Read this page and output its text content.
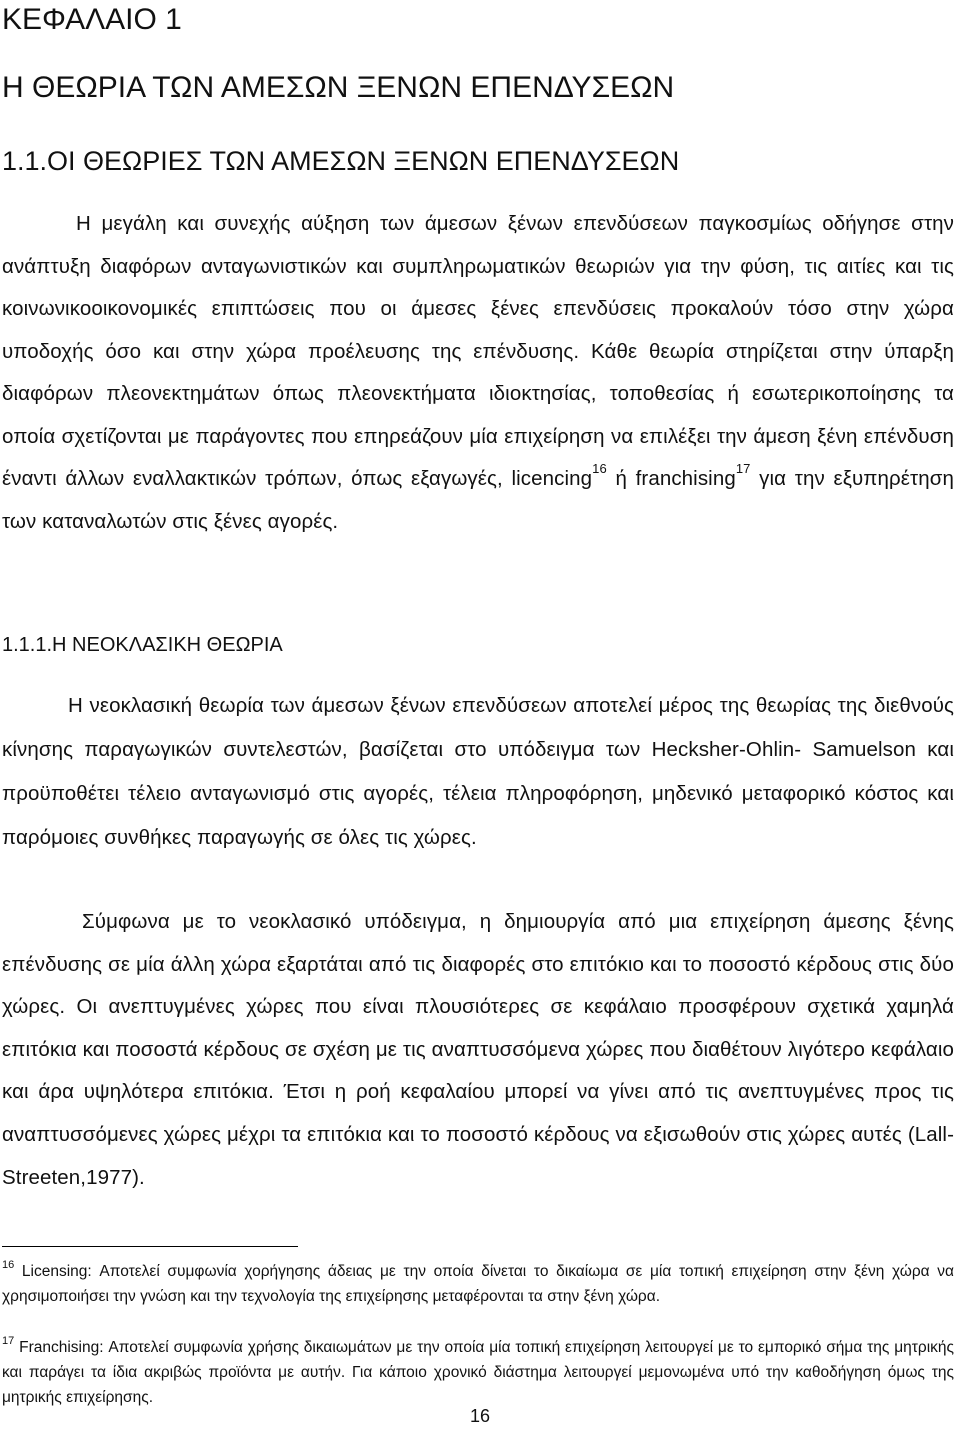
ΚΕΦΑΛΑΙΟ 1
Η ΘΕΩΡΙΑ ΤΩΝ ΑΜΕΣΩΝ ΞΕΝΩΝ ΕΠΕΝΔΥΣΕΩΝ
1.1.ΟΙ ΘΕΩΡΙΕΣ ΤΩΝ ΑΜΕΣΩΝ ΞΕΝΩΝ ΕΠΕΝΔΥΣΕΩΝ
Η μεγάλη και συνεχής αύξηση των άμεσων ξένων επενδύσεων παγκοσμίως οδήγησε στην ανάπτυξη διαφόρων ανταγωνιστικών και συμπληρωματικών θεωριών για την φύση, τις αιτίες και τις κοινωνικοοικονομικές επιπτώσεις που οι άμεσες ξένες επενδύσεις προκαλούν τόσο στην χώρα υποδοχής όσο και στην χώρα προέλευσης της επένδυσης. Κάθε θεωρία στηρίζεται στην ύπαρξη διαφόρων πλεονεκτημάτων όπως πλεονεκτήματα ιδιοκτησίας, τοποθεσίας ή εσωτερικοποίησης τα οποία σχετίζονται με παράγοντες που επηρεάζουν μία επιχείρηση να επιλέξει την άμεση ξένη επένδυση έναντι άλλων εναλλακτικών τρόπων, όπως εξαγωγές, licencing$^{16}$ ή franchising$^{17}$ για την εξυπηρέτηση των καταναλωτών στις ξένες αγορές.
1.1.1.Η ΝΕΟΚΛΑΣΙΚΗ ΘΕΩΡΙΑ
Η νεοκλασική θεωρία των άμεσων ξένων επενδύσεων αποτελεί μέρος της θεωρίας της διεθνούς κίνησης παραγωγικών συντελεστών, βασίζεται στο υπόδειγμα των Hecksher-Ohlin- Samuelson και προϋποθέτει τέλειο ανταγωνισμό στις αγορές, τέλεια πληροφόρηση, μηδενικό μεταφορικό κόστος και παρόμοιες συνθήκες παραγωγής σε όλες τις χώρες.
Σύμφωνα με το νεοκλασικό υπόδειγμα, η δημιουργία από μια επιχείρηση άμεσης ξένης επένδυσης σε μία άλλη χώρα εξαρτάται από τις διαφορές στο επιτόκιο και το ποσοστό κέρδους στις δύο χώρες. Οι ανεπτυγμένες χώρες που είναι πλουσιότερες σε κεφάλαιο προσφέρουν σχετικά χαμηλά επιτόκια και ποσοστά κέρδους σε σχέση με τις αναπτυσσόμενα χώρες που διαθέτουν λιγότερο κεφάλαιο και άρα υψηλότερα επιτόκια. Έτσι η ροή κεφαλαίου μπορεί να γίνει από τις ανεπτυγμένες προς τις αναπτυσσόμενες χώρες μέχρι τα επιτόκια και το ποσοστό κέρδους να εξισωθούν στις χώρες αυτές (Lall-Streeten,1977).
$^{16}$ Licensing: Αποτελεί συμφωνία χορήγησης άδειας με την οποία δίνεται το δικαίωμα σε μία τοπική επιχείρηση στην ξένη χώρα να χρησιμοποιήσει την γνώση και την τεχνολογία της επιχείρησης μεταφέρονται τα στην ξένη χώρα.
$^{17}$ Franchising: Αποτελεί συμφωνία χρήσης δικαιωμάτων με την οποία μία τοπική επιχείρηση λειτουργεί με το εμπορικό σήμα της μητρικής και παράγει τα ίδια ακριβώς προϊόντα με αυτήν. Για κάποιο χρονικό διάστημα λειτουργεί μεμονωμένα υπό την καθοδήγηση όμως της μητρικής επιχείρησης.
16
